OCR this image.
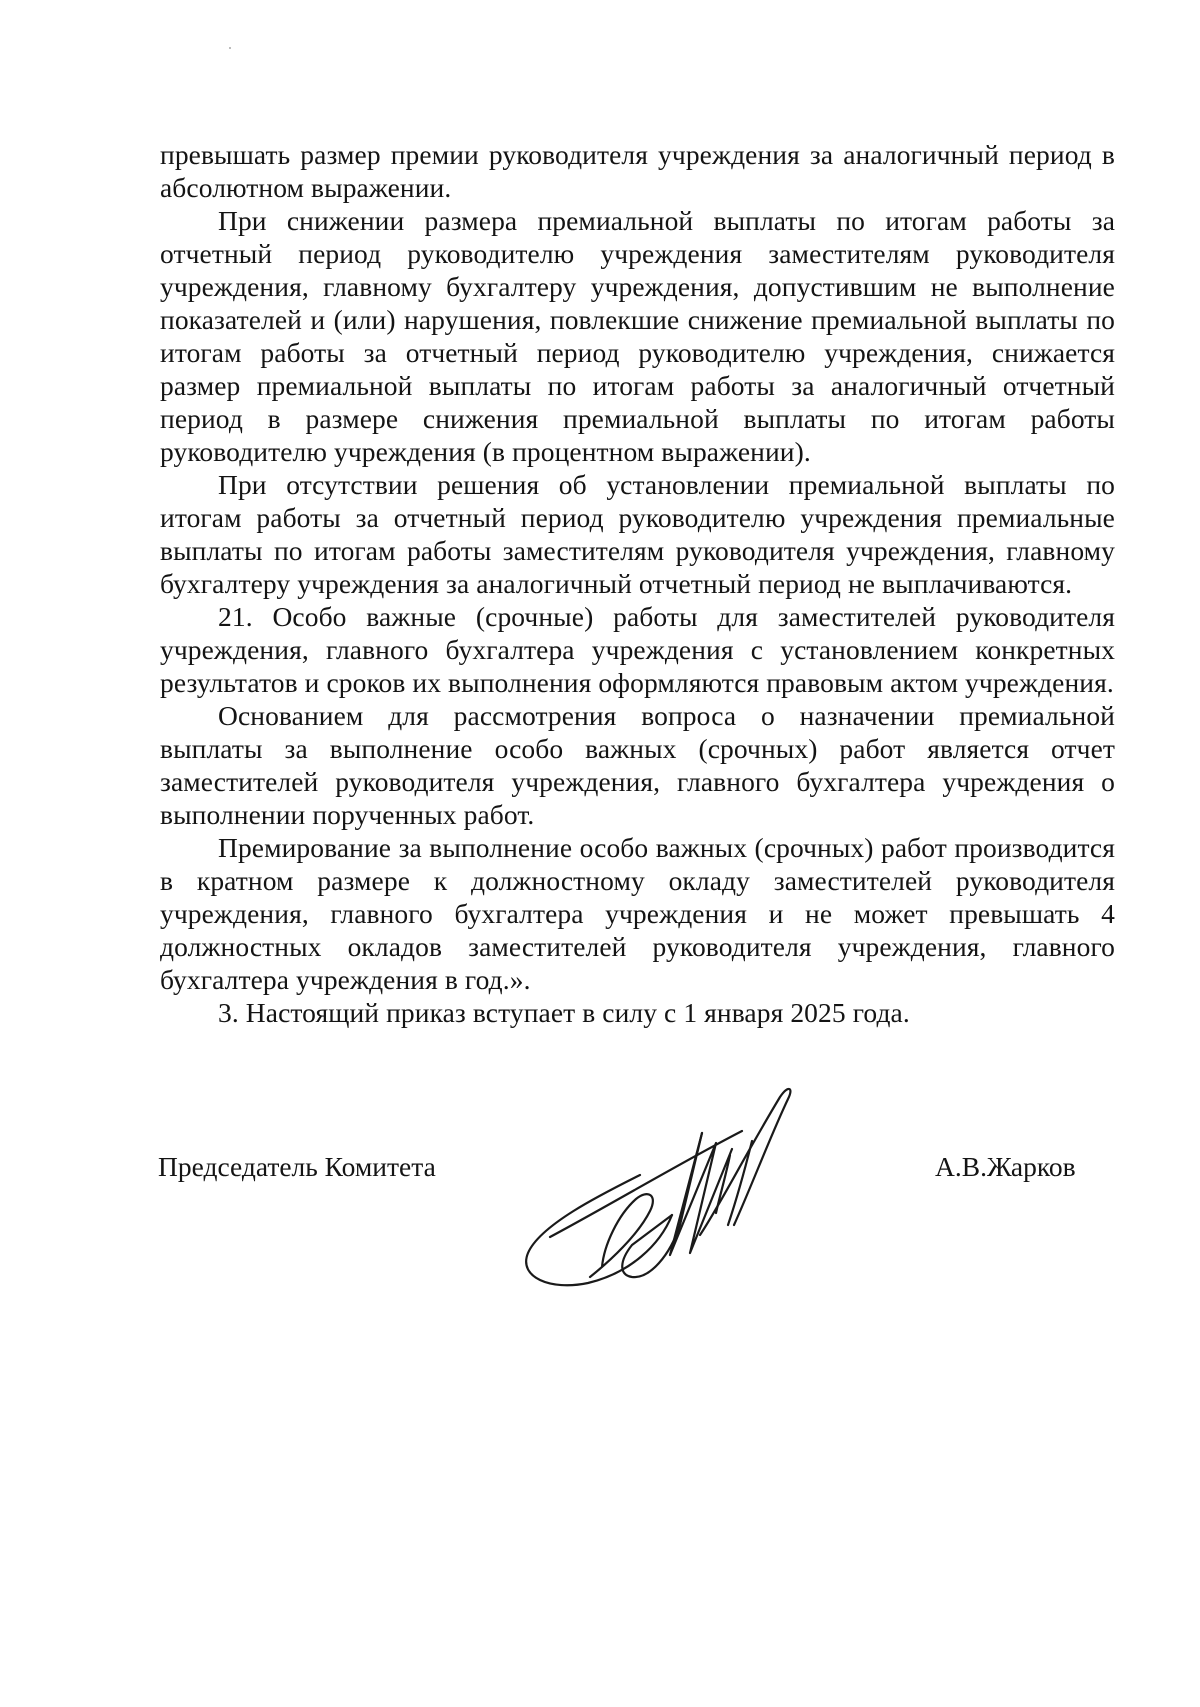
превышать размер премии руководителя учреждения за аналогичный период в абсолютном выражении.

При снижении размера премиальной выплаты по итогам работы за отчетный период руководителю учреждения заместителям руководителя учреждения, главному бухгалтеру учреждения, допустившим не выполнение показателей и (или) нарушения, повлекшие снижение премиальной выплаты по итогам работы за отчетный период руководителю учреждения, снижается размер премиальной выплаты по итогам работы за аналогичный отчетный период в размере снижения премиальной выплаты по итогам работы руководителю учреждения (в процентном выражении).

При отсутствии решения об установлении премиальной выплаты по итогам работы за отчетный период руководителю учреждения премиальные выплаты по итогам работы заместителям руководителя учреждения, главному бухгалтеру учреждения за аналогичный отчетный период не выплачиваются.

21. Особо важные (срочные) работы для заместителей руководителя учреждения, главного бухгалтера учреждения с установлением конкретных результатов и сроков их выполнения оформляются правовым актом учреждения.

Основанием для рассмотрения вопроса о назначении премиальной выплаты за выполнение особо важных (срочных) работ является отчет заместителей руководителя учреждения, главного бухгалтера учреждения о выполнении порученных работ.

Премирование за выполнение особо важных (срочных) работ производится в кратном размере к должностному окладу заместителей руководителя учреждения, главного бухгалтера учреждения и не может превышать 4 должностных окладов заместителей руководителя учреждения, главного бухгалтера учреждения в год.».

3. Настоящий приказ вступает в силу с 1 января 2025 года.

Председатель Комитета	А.В.Жарков
